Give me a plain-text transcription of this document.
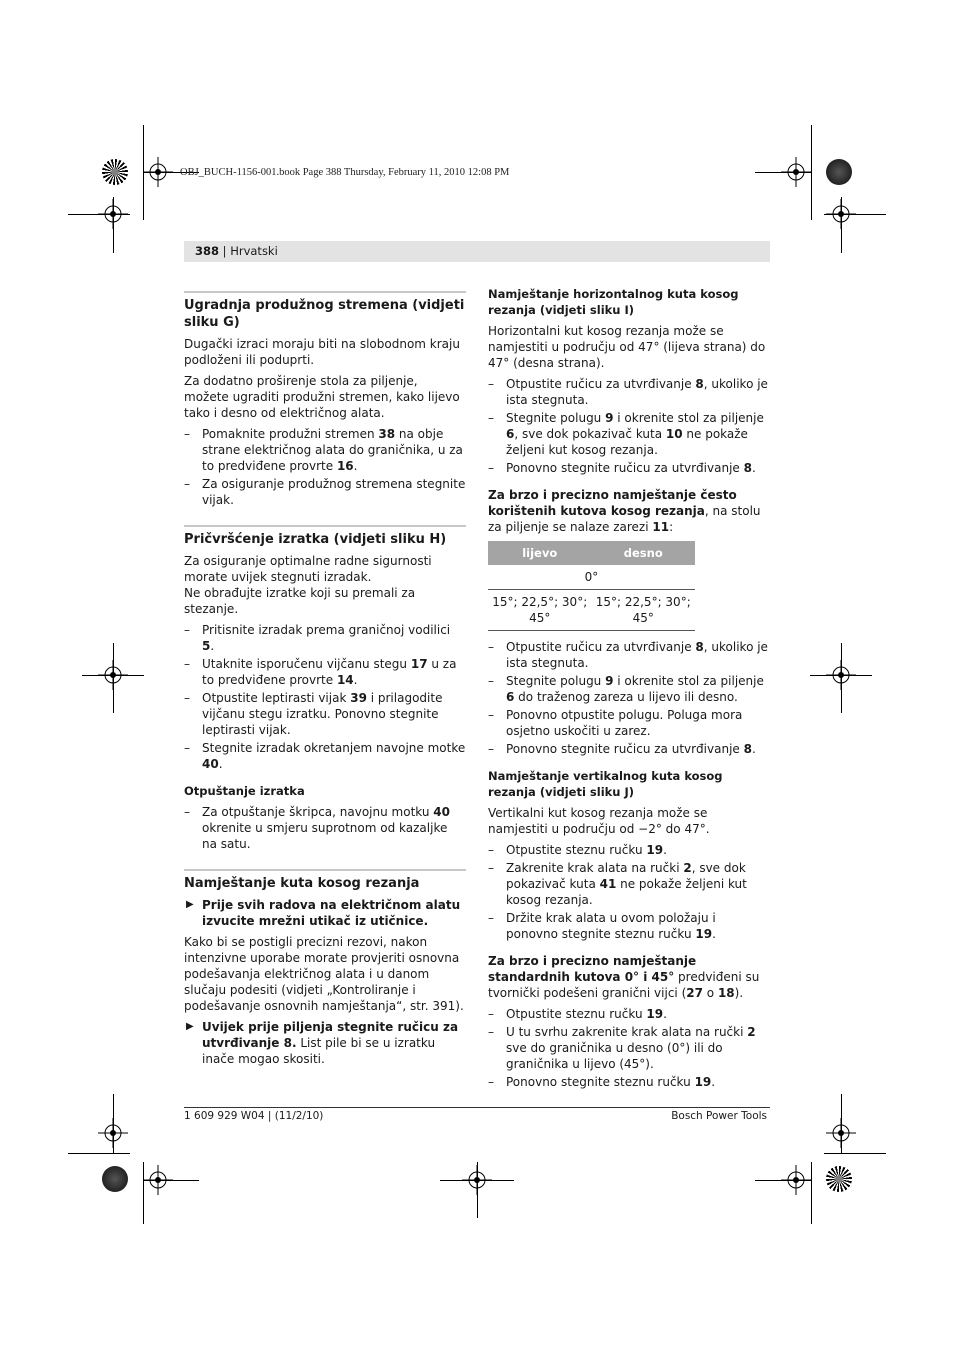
OBJ_BUCH-1156-001.book Page 388 Thursday, February 11, 2010 12:08 PM
388 | Hrvatski
Ugradnja produžnog stremena (vidjeti sliku G)

Dugački izraci moraju biti na slobodnom kraju podloženi ili poduprti.

Za dodatno proširenje stola za piljenje, možete ugraditi produžni stremen, kako lijevo tako i desno od električnog alata.

– Pomaknite produžni stremen 38 na obje strane električnog alata do graničnika, u za to predviđene provrte 16.
– Za osiguranje produžnog stremena stegnite vijak.
Pričvršćenje izratka (vidjeti sliku H)

Za osiguranje optimalne radne sigurnosti morate uvijek stegnuti izradak.

Ne obrađujte izratke koji su premali za stezanje.

– Pritisnite izradak prema graničnoj vodilici 5.
– Utaknite isporučenu vijčanu stegu 17 u za to predviđene provrte 14.
– Otpustite leptirasti vijak 39 i prilagodite vijčanu stegu izratku. Ponovno stegnite leptirasti vijak.
– Stegnite izradak okretanjem navojne motke 40.
Otpuštanje izratka
– Za otpuštanje škripca, navojnu motku 40 okrenite u smjeru suprotnom od kazaljke na satu.
Namještanje kuta kosog rezanja
▶ Prije svih radova na električnom alatu izvucite mrežni utikač iz utičnice.

Kako bi se postigli precizni rezovi, nakon intenzivne uporabe morate provjeriti osnovna podešavanja električnog alata i u danom slučaju podesiti (vidjeti „Kontroliranje i podešavanje osnovnih namještanja“, str. 391).

▶ Uvijek prije piljenja stegnite ručicu za utvrđivanje 8. List pile bi se u izratku inače mogao skositi.
Namještanje horizontalnog kuta kosog rezanja (vidjeti sliku I)

Horizontalni kut kosog rezanja može se namjestiti u području od 47° (lijeva strana) do 47° (desna strana).

– Otpustite ručicu za utvrđivanje 8, ukoliko je ista stegnuta.
– Stegnite polugu 9 i okrenite stol za piljenje 6, sve dok pokazivač kuta 10 ne pokaže željeni kut kosog rezanja.
– Ponovno stegnite ručicu za utvrđivanje 8.

Za brzo i precizno namještanje često korištenih kutova kosog rezanja, na stolu za piljenje se nalaze zarezi 11:

lijevo	desno
0°	
15°; 22,5°; 30°; 45°	15°; 22,5°; 30°; 45°
– Otpustite ručicu za utvrđivanje 8, ukoliko je ista stegnuta.
– Stegnite polugu 9 i okrenite stol za piljenje 6 do traženog zareza u lijevo ili desno.
– Ponovno otpustite polugu. Poluga mora osjetno uskočiti u zarez.
– Ponovno stegnite ručicu za utvrđivanje 8.
Namještanje vertikalnog kuta kosog rezanja (vidjeti sliku J)

Vertikalni kut kosog rezanja može se namjestiti u području od −2° do 47°.

– Otpustite steznu ručku 19.
– Zakrenite krak alata na ručki 2, sve dok pokazivač kuta 41 ne pokaže željeni kut kosog rezanja.
– Držite krak alata u ovom položaju i ponovno stegnite steznu ručku 19.

Za brzo i precizno namještanje standardnih kutova 0° i 45° predviđeni su tvornički podešeni granični vijci (27 o 18).

– Otpustite steznu ručku 19.
– U tu svrhu zakrenite krak alata na ručki 2 sve do graničnika u desno (0°) ili do graničnika u lijevo (45°).
– Ponovno stegnite steznu ručku 19.
1 609 929 W04 | (11/2/10)	Bosch Power Tools
